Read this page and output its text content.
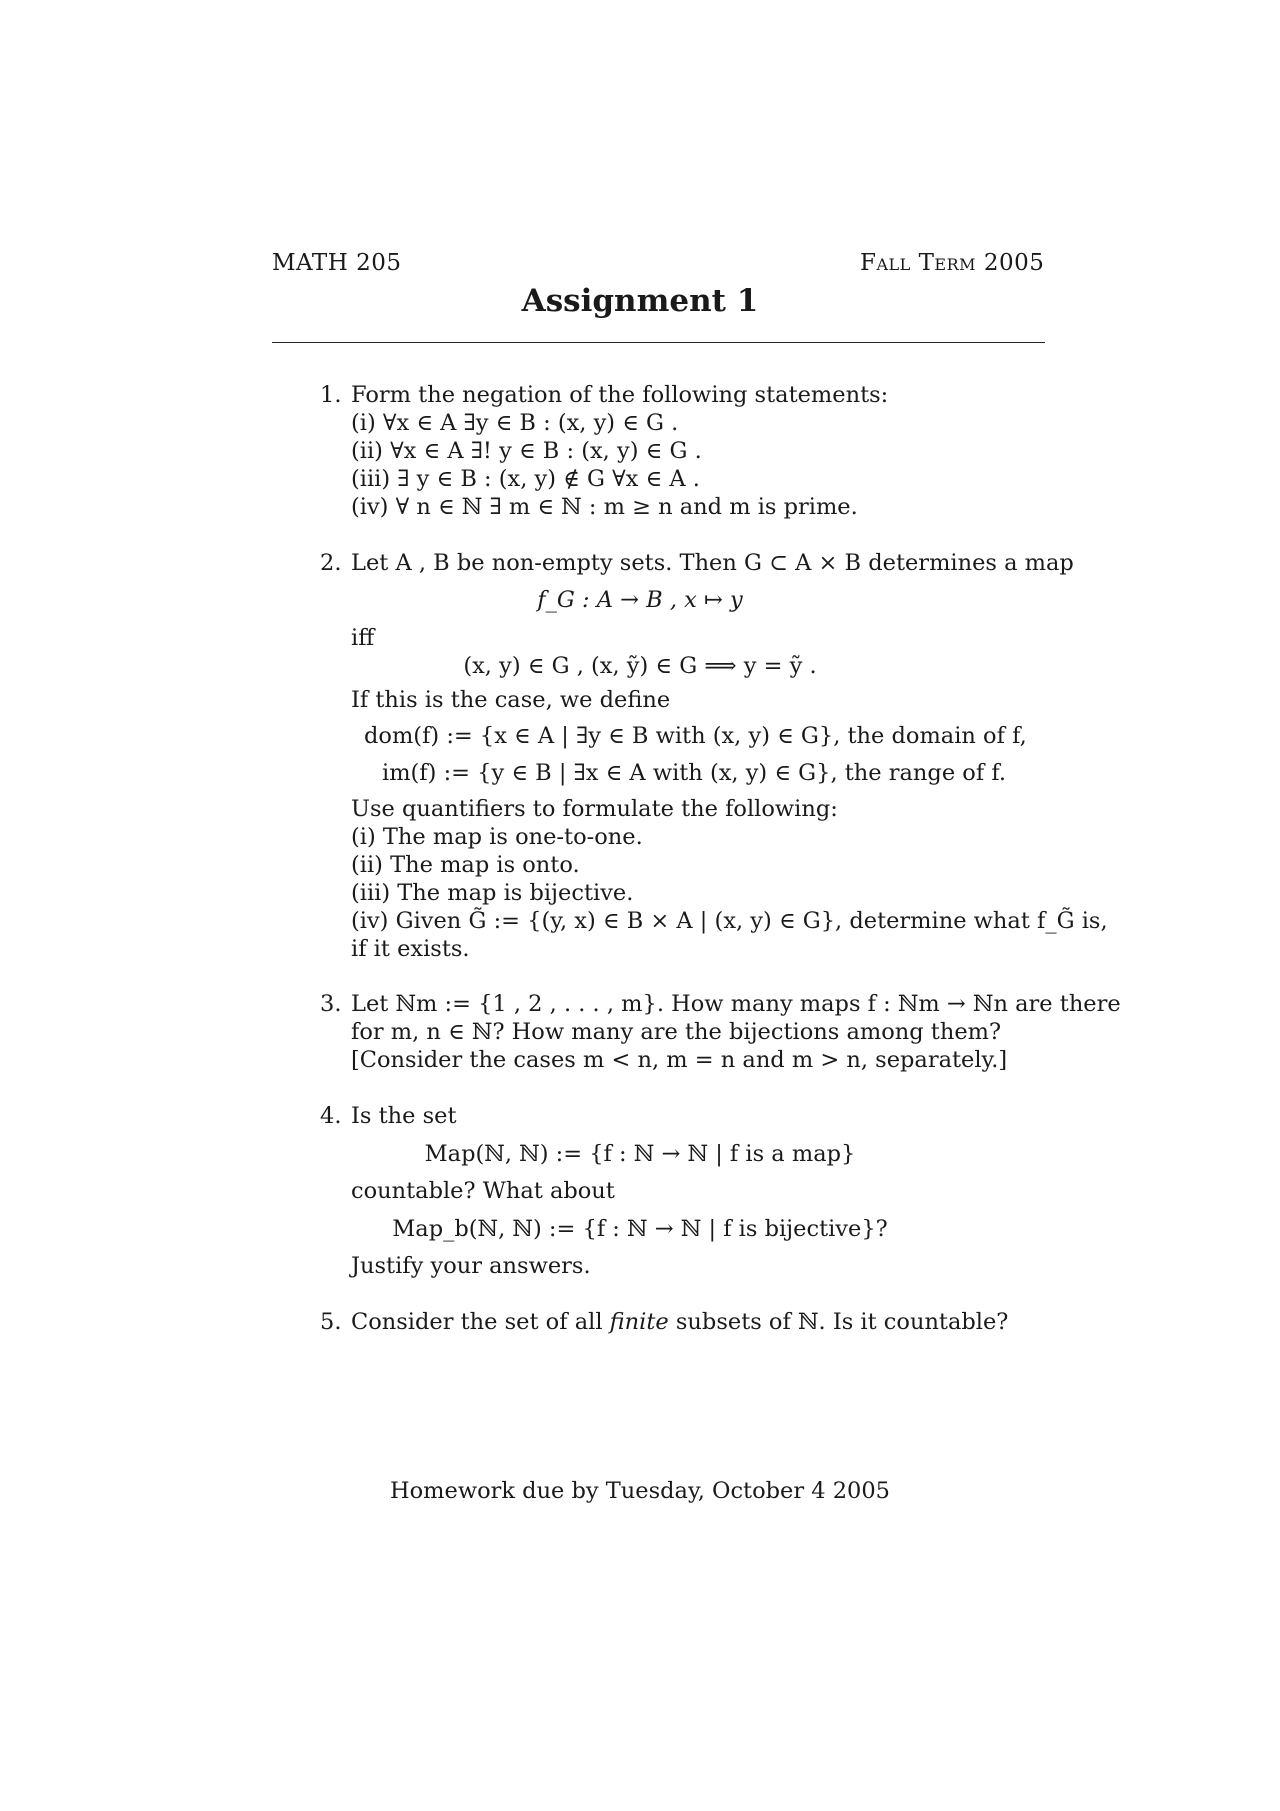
MATH 205	Fall Term 2005
Assignment 1
1. Form the negation of the following statements:
(i) ∀x ∈ A ∃y ∈ B : (x, y) ∈ G .
(ii) ∀x ∈ A ∃! y ∈ B : (x, y) ∈ G .
(iii) ∃ y ∈ B : (x, y) ∉ G ∀x ∈ A .
(iv) ∀ n ∈ ℕ ∃ m ∈ ℕ : m ≥ n and m is prime.
2. Let A , B be non-empty sets. Then G ⊂ A × B determines a map
f_G : A → B , x ↦ y
iff
(x, y) ∈ G , (x, ỹ) ∈ G ⟹ y = ỹ .
If this is the case, we define
dom(f) := {x ∈ A | ∃y ∈ B with (x, y) ∈ G}, the domain of f,
im(f) := {y ∈ B | ∃x ∈ A with (x, y) ∈ G}, the range of f.
Use quantifiers to formulate the following:
(i) The map is one-to-one.
(ii) The map is onto.
(iii) The map is bijective.
(iv) Given G̃ := {(y, x) ∈ B × A | (x, y) ∈ G}, determine what f_G̃ is,
if it exists.
3. Let ℕm := {1 , 2 , . . . , m}. How many maps f : ℕm → ℕn are there
for m, n ∈ ℕ? How many are the bijections among them?
[Consider the cases m < n, m = n and m > n, separately.]
4. Is the set
Map(ℕ, ℕ) := {f : ℕ → ℕ | f is a map}
countable? What about
Map_b(ℕ, ℕ) := {f : ℕ → ℕ | f is bijective}?
Justify your answers.
5. Consider the set of all finite subsets of ℕ. Is it countable?
Homework due by Tuesday, October 4 2005
